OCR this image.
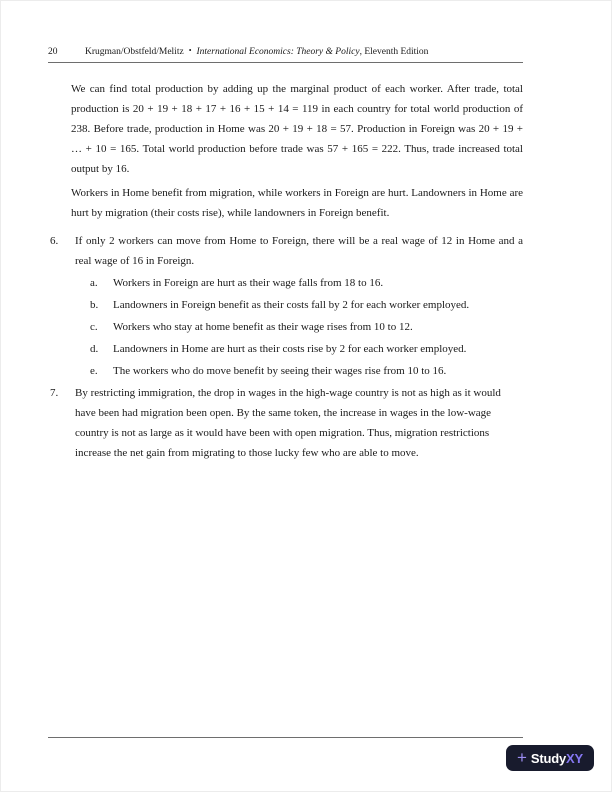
20	Krugman/Obstfeld/Melitz • International Economics: Theory & Policy, Eleventh Edition

We can find total production by adding up the marginal product of each worker. After trade, total production is 20 + 19 + 18 + 17 + 16 + 15 + 14 = 119 in each country for total world production of 238. Before trade, production in Home was 20 + 19 + 18 = 57. Production in Foreign was 20 + 19 + … + 10 = 165. Total world production before trade was 57 + 165 = 222. Thus, trade increased total output by 16.

Workers in Home benefit from migration, while workers in Foreign are hurt. Landowners in Home are hurt by migration (their costs rise), while landowners in Foreign benefit.

6.	If only 2 workers can move from Home to Foreign, there will be a real wage of 12 in Home and a real wage of 16 in Foreign.
a.	Workers in Foreign are hurt as their wage falls from 18 to 16.
b.	Landowners in Foreign benefit as their costs fall by 2 for each worker employed.
c.	Workers who stay at home benefit as their wage rises from 10 to 12.
d.	Landowners in Home are hurt as their costs rise by 2 for each worker employed.
e.	The workers who do move benefit by seeing their wages rise from 10 to 16.
7.	By restricting immigration, the drop in wages in the high-wage country is not as high as it would have been had migration been open. By the same token, the increase in wages in the low-wage country is not as large as it would have been with open migration. Thus, migration restrictions increase the net gain from migrating to those lucky few who are able to move.
+ StudyXY
